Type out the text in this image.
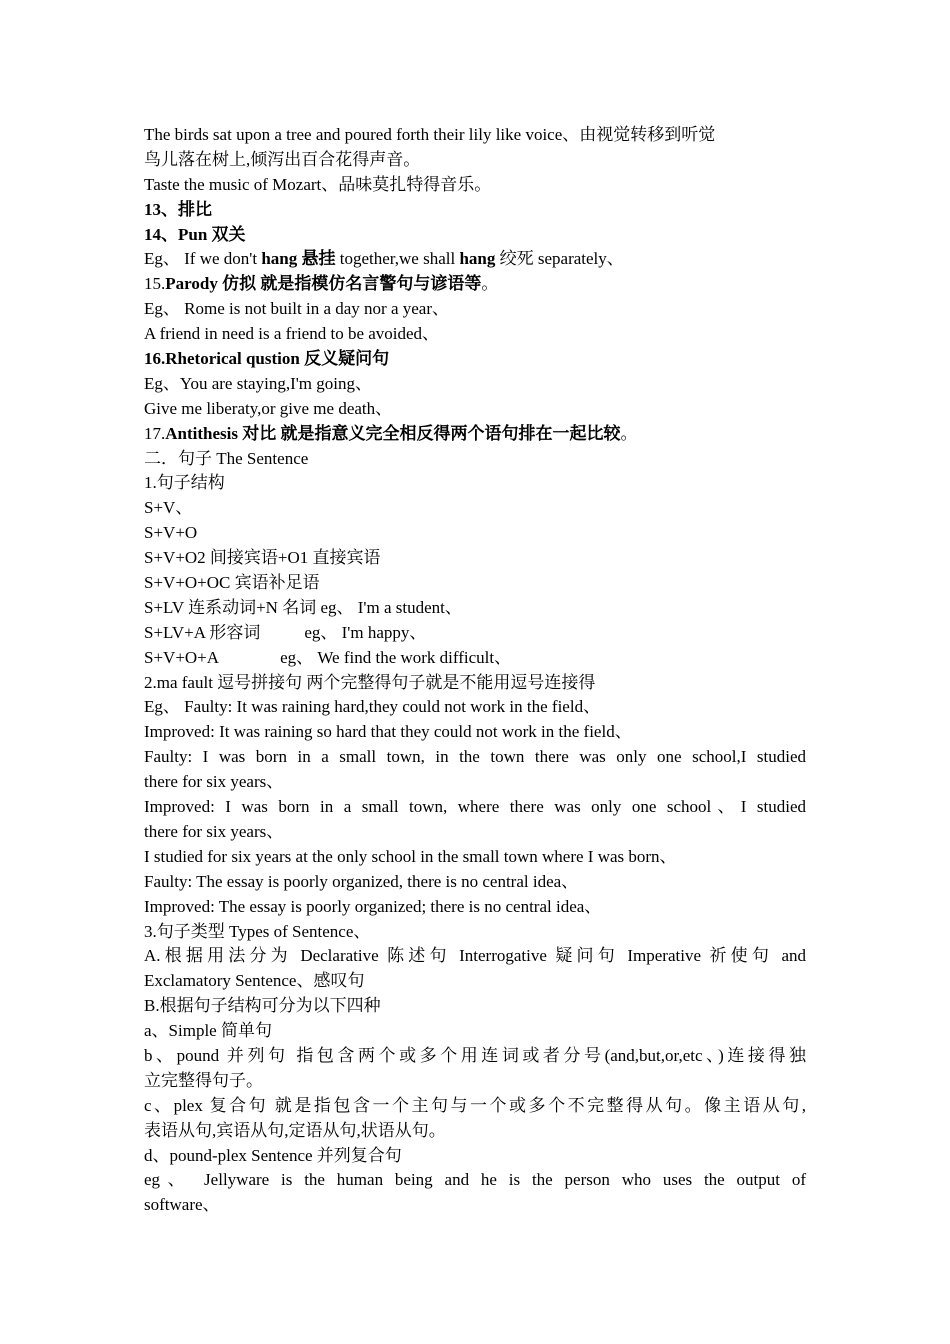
The birds sat upon a tree and poured forth their lily like voice、由视觉转移到听觉
鸟儿落在树上,倾泻出百合花得声音。
Taste the music of Mozart、品味莫扎特得音乐。
13、排比
14、Pun 双关
Eg、 If we don't hang 悬挂 together,we shall hang 绞死 separately、
15.Parody 仿拟 就是指模仿名言警句与谚语等。
Eg、 Rome is not built in a day nor a year、
A friend in need is a friend to be avoided、
16.Rhetorical qustion 反义疑问句
Eg、You are staying,I'm going、
Give me liberaty,or give me death、
17.Antithesis 对比 就是指意义完全相反得两个语句排在一起比较。
二．句子 The Sentence
1.句子结构
S+V、
S+V+O
S+V+O2 间接宾语+O1 直接宾语
S+V+O+OC 宾语补足语
S+LV 连系动词+N 名词 eg、 I'm a student、
S+LV+A 形容词	eg、 I'm happy、
S+V+O+A	eg、 We find the work difficult、
2.ma fault 逗号拼接句 两个完整得句子就是不能用逗号连接得
Eg、 Faulty: It was raining hard,they could not work in the field、
Improved: It was raining so hard that they could not work in the field、
Faulty: I was born in a small town, in the town there was only one school,I studied
there for six years、
Improved: I was born in a small town, where there was only one school、I studied
there for six years、
I studied for six years at the only school in the small town where I was born、
Faulty: The essay is poorly organized, there is no central idea、
Improved: The essay is poorly organized; there is no central idea、
3.句子类型 Types of Sentence、
A.根据用法分为 Declarative 陈述句 Interrogative 疑问句 Imperative 祈使句 and
Exclamatory Sentence、感叹句
B.根据句子结构可分为以下四种
a、Simple 简单句
b、pound 并列句 指包含两个或多个用连词或者分号(and,but,or,etc、)连接得独
立完整得句子。
c、plex 复合句 就是指包含一个主句与一个或多个不完整得从句。像主语从句,
表语从句,宾语从句,定语从句,状语从句。
d、pound-plex Sentence 并列复合句
eg、 Jellyware is the human being and he is the person who uses the output of
software、
